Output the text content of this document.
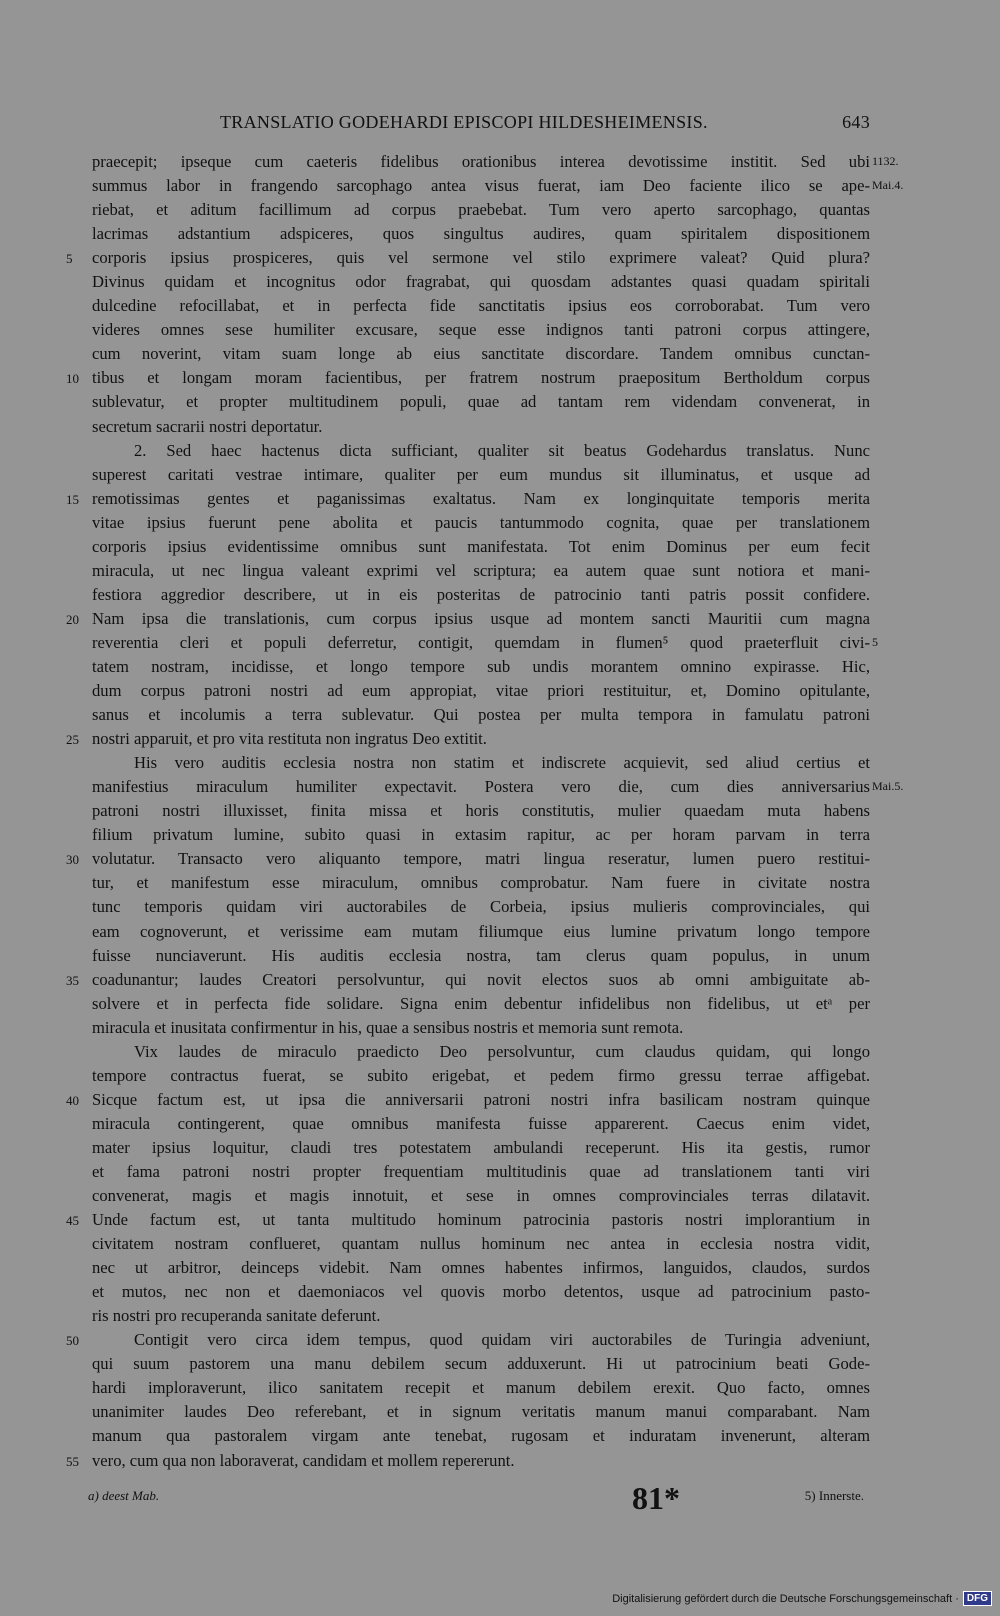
TRANSLATIO GODEHARDI EPISCOPI HILDESHEIMENSIS.	643
praecepit; ipseque cum caeteris fidelibus orationibus interea devotissime institit. Sed ubi 1132.
summus labor in frangendo sarcophago antea visus fuerat, iam Deo faciente ilico se ape- Mai.4.
riebat, et aditum facillimum ad corpus praebebat. Tum vero aperto sarcophago, quantas
lacrimas adstantium adspiceres, quos singultus audires, quam spiritalem dispositionem
corporis ipsius prospiceres, quis vel sermone vel stilo exprimere valeat? Quid plura?
5
Divinus quidam et incognitus odor fragrabat, qui quosdam adstantes quasi quadam spiritali
dulcedine refocillabat, et in perfecta fide sanctitatis ipsius eos corroborabat. Tum vero
videres omnes sese humiliter excusare, seque esse indignos tanti patroni corpus attingere,
cum noverint, vitam suam longe ab eius sanctitate discordare. Tandem omnibus cunctan-
tibus et longam moram facientibus, per fratrem nostrum praepositum Bertholdum corpus
10
sublevatur, et propter multitudinem populi, quae ad tantam rem videndam convenerat, in
secretum sacrarii nostri deportatur.
2. Sed haec hactenus dicta sufficiant, qualiter sit beatus Godehardus translatus. Nunc
superest caritati vestrae intimare, qualiter per eum mundus sit illuminatus, et usque ad
remotissimas gentes et paganissimas exaltatus. Nam ex longinquitate temporis merita
15
vitae ipsius fuerunt pene abolita et paucis tantummodo cognita, quae per translationem
corporis ipsius evidentissime omnibus sunt manifestata. Tot enim Dominus per eum fecit
miracula, ut nec lingua valeant exprimi vel scriptura; ea autem quae sunt notiora et mani-
festiora aggredior describere, ut in eis posteritas de patrocinio tanti patris possit confidere.
Nam ipsa die translationis, cum corpus ipsius usque ad montem sancti Mauritii cum magna
20
reverentia cleri et populi deferretur, contigit, quemdam in flumen⁵ quod praeterfluit civi- 5
tatem nostram, incidisse, et longo tempore sub undis morantem omnino expirasse. Hic,
dum corpus patroni nostri ad eum appropiat, vitae priori restituitur, et, Domino opitulante,
sanus et incolumis a terra sublevatur. Qui postea per multa tempora in famulatu patroni
nostri apparuit, et pro vita restituta non ingratus Deo extitit.
25
His vero auditis ecclesia nostra non statim et indiscrete acquievit, sed aliud certius et
manifestius miraculum humiliter expectavit. Postera vero die, cum dies anniversarius Mai.5.
patroni nostri illuxisset, finita missa et horis constitutis, mulier quaedam muta habens
filium privatum lumine, subito quasi in extasim rapitur, ac per horam parvam in terra
volutatur. Transacto vero aliquanto tempore, matri lingua reseratur, lumen puero restitui-
30
tur, et manifestum esse miraculum, omnibus comprobatur. Nam fuere in civitate nostra
tunc temporis quidam viri auctorabiles de Corbeia, ipsius mulieris comprovinciales, qui
eam cognoverunt, et verissime eam mutam filiumque eius lumine privatum longo tempore
fuisse nunciaverunt. His auditis ecclesia nostra, tam clerus quam populus, in unum
coadunantur; laudes Creatori persolvuntur, qui novit electos suos ab omni ambiguitate ab-
35
solvere et in perfecta fide solidare. Signa enim debentur infidelibus non fidelibus, ut etᵃ per
miracula et inusitata confirmentur in his, quae a sensibus nostris et memoria sunt remota.
Vix laudes de miraculo praedicto Deo persolvuntur, cum claudus quidam, qui longo
tempore contractus fuerat, se subito erigebat, et pedem firmo gressu terrae affigebat.
Sicque factum est, ut ipsa die anniversarii patroni nostri infra basilicam nostram quinque
40
miracula contingerent, quae omnibus manifesta fuisse apparerent. Caecus enim videt,
mater ipsius loquitur, claudi tres potestatem ambulandi receperunt. His ita gestis, rumor
et fama patroni nostri propter frequentiam multitudinis quae ad translationem tanti viri
convenerat, magis et magis innotuit, et sese in omnes comprovinciales terras dilatavit.
Unde factum est, ut tanta multitudo hominum patrocinia pastoris nostri implorantium in
45
civitatem nostram conflueret, quantam nullus hominum nec antea in ecclesia nostra vidit,
nec ut arbitror, deinceps videbit. Nam omnes habentes infirmos, languidos, claudos, surdos
et mutos, nec non et daemoniacos vel quovis morbo detentos, usque ad patrocinium pasto-
ris nostri pro recuperanda sanitate deferunt.
Contigit vero circa idem tempus, quod quidam viri auctorabiles de Turingia adveniunt,
50
qui suum pastorem una manu debilem secum adduxerunt. Hi ut patrocinium beati Gode-
hardi imploraverunt, ilico sanitatem recepit et manum debilem erexit. Quo facto, omnes
unanimiter laudes Deo referebant, et in signum veritatis manum manui comparabant. Nam
manum qua pastoralem virgam ante tenebat, rugosam et induratam invenerunt, alteram
vero, cum qua non laboraverat, candidam et mollem repererunt.
55
81*
a) deest Mab.	5) Innerste.
Digitalisierung gefördert durch die Deutsche Forschungsgemeinschaft · DFG
